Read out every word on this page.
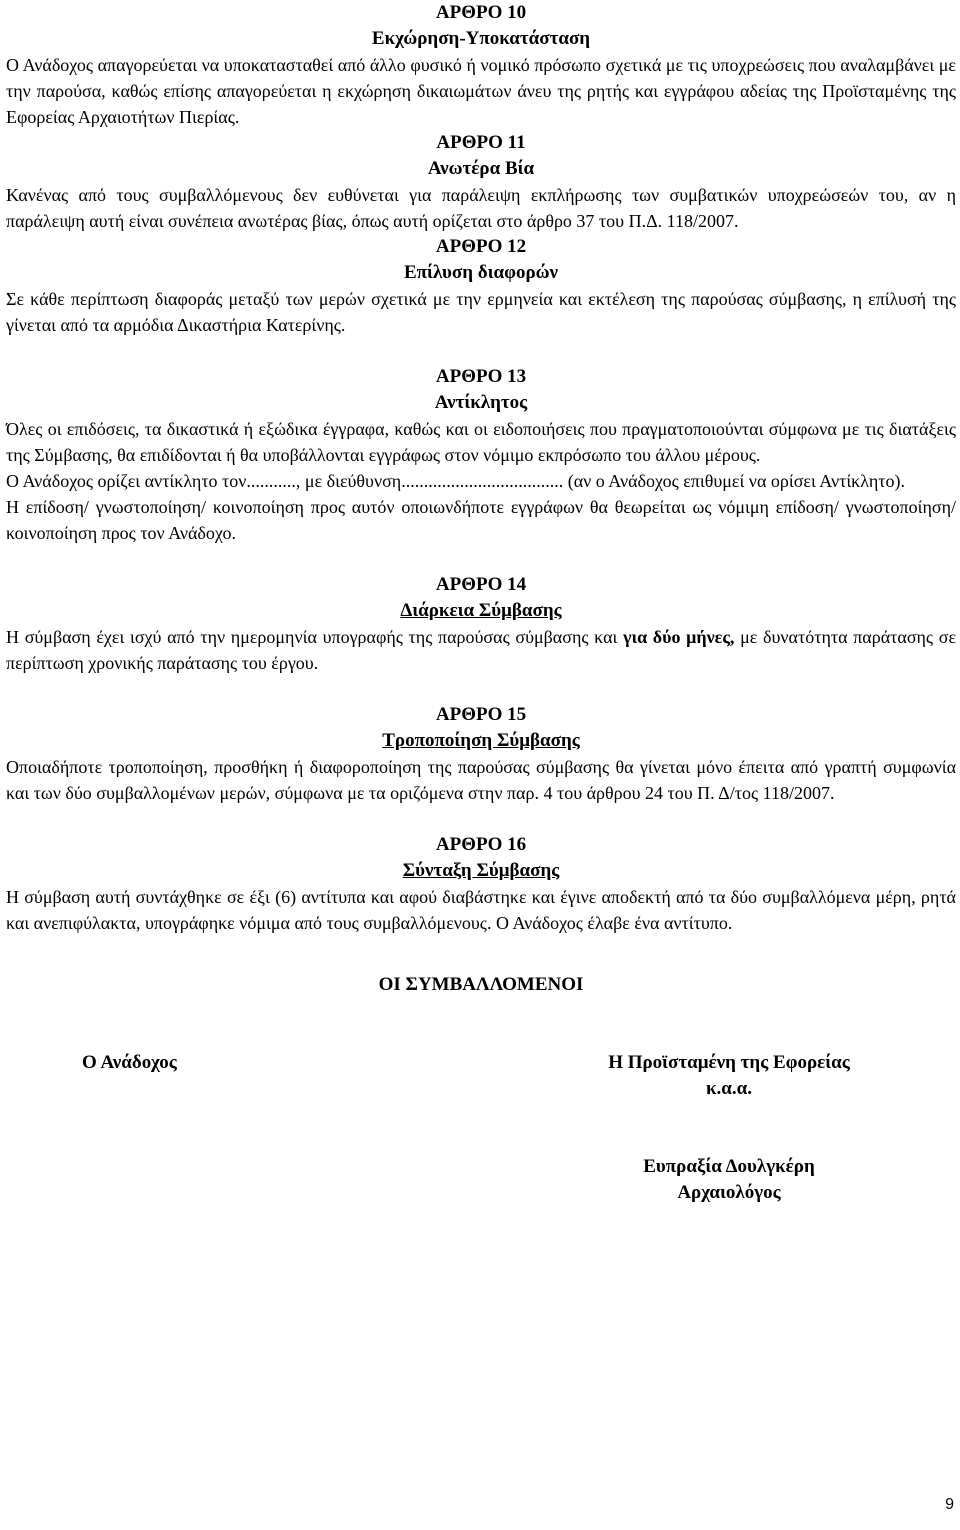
ΑΡΘΡΟ 10

Εκχώρηση-Υποκατάσταση

Ο Ανάδοχος απαγορεύεται να υποκατασταθεί από άλλο φυσικό ή νομικό πρόσωπο σχετικά με τις υποχρεώσεις που αναλαμβάνει με την παρούσα, καθώς επίσης απαγορεύεται η εκχώρηση δικαιωμάτων άνευ της ρητής και εγγράφου αδείας της Προϊσταμένης της Εφορείας Αρχαιοτήτων Πιερίας.

ΑΡΘΡΟ 11

Ανωτέρα Βία

Κανένας από τους συμβαλλόμενους δεν ευθύνεται για παράλειψη εκπλήρωσης των συμβατικών υποχρεώσεών του, αν η παράλειψη αυτή είναι συνέπεια ανωτέρας βίας, όπως αυτή ορίζεται στο άρθρο 37 του Π.Δ. 118/2007.

ΑΡΘΡΟ 12

Επίλυση διαφορών

Σε κάθε περίπτωση διαφοράς μεταξύ των μερών σχετικά με την ερμηνεία και εκτέλεση της παρούσας σύμβασης, η επίλυσή της γίνεται από τα αρμόδια Δικαστήρια Κατερίνης.

ΑΡΘΡΟ 13

Αντίκλητος

Όλες οι επιδόσεις, τα δικαστικά ή εξώδικα έγγραφα, καθώς και οι ειδοποιήσεις που πραγματοποιούνται σύμφωνα με τις διατάξεις της Σύμβασης, θα επιδίδονται ή θα υποβάλλονται εγγράφως στον νόμιμο εκπρόσωπο του άλλου μέρους.

Ο Ανάδοχος ορίζει αντίκλητο τον..........., με διεύθυνση.................................... (αν ο Ανάδοχος επιθυμεί να ορίσει Αντίκλητο).

Η επίδοση/ γνωστοποίηση/ κοινοποίηση προς αυτόν οποιωνδήποτε εγγράφων θα θεωρείται ως νόμιμη επίδοση/ γνωστοποίηση/ κοινοποίηση προς τον Ανάδοχο.

ΑΡΘΡΟ 14

Διάρκεια Σύμβασης

Η σύμβαση έχει ισχύ από την ημερομηνία υπογραφής της παρούσας σύμβασης και για δύο μήνες, με δυνατότητα παράτασης σε περίπτωση χρονικής παράτασης του έργου.

ΑΡΘΡΟ 15

Τροποποίηση Σύμβασης

Οποιαδήποτε τροποποίηση, προσθήκη ή διαφοροποίηση της παρούσας σύμβασης θα γίνεται μόνο έπειτα από γραπτή συμφωνία και των δύο συμβαλλομένων μερών, σύμφωνα με τα οριζόμενα στην παρ. 4 του άρθρου 24 του Π. Δ/τος 118/2007.

ΑΡΘΡΟ 16

Σύνταξη Σύμβασης

Η σύμβαση αυτή συντάχθηκε σε έξι (6) αντίτυπα και αφού διαβάστηκε και έγινε αποδεκτή από τα δύο συμβαλλόμενα μέρη, ρητά και ανεπιφύλακτα, υπογράφηκε νόμιμα από τους συμβαλλόμενους. Ο Ανάδοχος έλαβε ένα αντίτυπο.

ΟΙ ΣΥΜΒΑΛΛΟΜΕΝΟΙ

Ο Ανάδοχος	Η Προϊσταμένη της Εφορείας
κ.α.α.
Ευπραξία Δουλγκέρη
Αρχαιολόγος
9
